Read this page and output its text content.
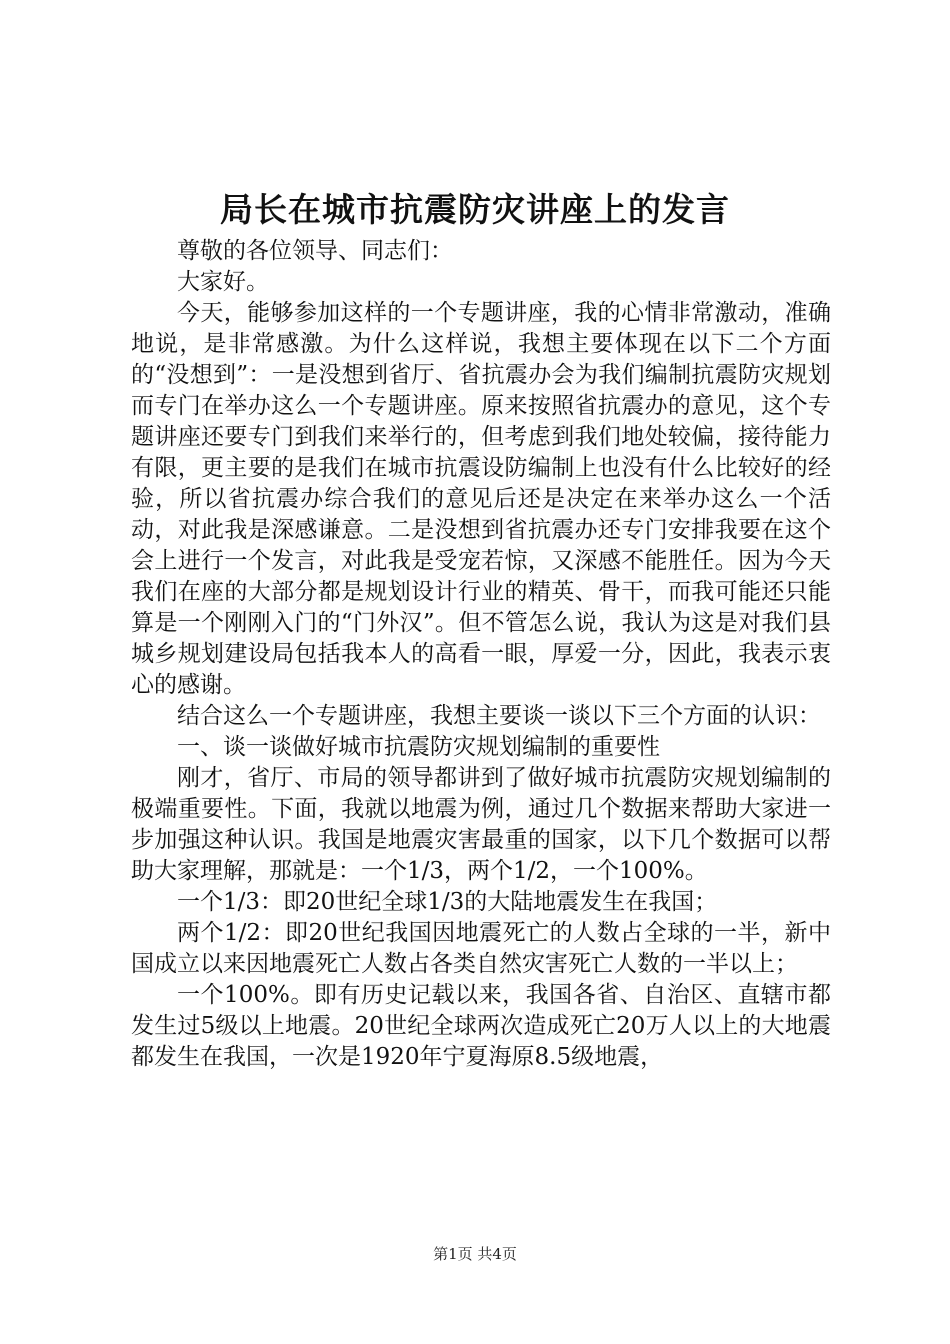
局长在城市抗震防灾讲座上的发言

尊敬的各位领导、同志们：

大家好。

今天，能够参加这样的一个专题讲座，我的心情非常激动，准确地说，是非常感激。为什么这样说，我想主要体现在以下二个方面的“没想到”：一是没想到省厅、省抗震办会为我们编制抗震防灾规划而专门在举办这么一个专题讲座。原来按照省抗震办的意见，这个专题讲座还要专门到我们来举行的，但考虑到我们地处较偏，接待能力有限，更主要的是我们在城市抗震设防编制上也没有什么比较好的经验，所以省抗震办综合我们的意见后还是决定在来举办这么一个活动，对此我是深感谦意。二是没想到省抗震办还专门安排我要在这个会上进行一个发言，对此我是受宠若惊，又深感不能胜任。因为今天我们在座的大部分都是规划设计行业的精英、骨干，而我可能还只能算是一个刚刚入门的“门外汉”。但不管怎么说，我认为这是对我们县城乡规划建设局包括我本人的高看一眼，厚爱一分，因此，我表示衷心的感谢。

结合这么一个专题讲座，我想主要谈一谈以下三个方面的认识：

一、谈一谈做好城市抗震防灾规划编制的重要性

刚才，省厅、市局的领导都讲到了做好城市抗震防灾规划编制的极端重要性。下面，我就以地震为例，通过几个数据来帮助大家进一步加强这种认识。我国是地震灾害最重的国家，以下几个数据可以帮助大家理解，那就是：一个1/3，两个1/2，一个100%。

一个1/3：即20世纪全球1/3的大陆地震发生在我国；

两个1/2：即20世纪我国因地震死亡的人数占全球的一半，新中国成立以来因地震死亡人数占各类自然灾害死亡人数的一半以上；

一个100%。即有历史记载以来，我国各省、自治区、直辖市都发生过5级以上地震。20世纪全球两次造成死亡20万人以上的大地震都发生在我国，一次是1920年宁夏海原8.5级地震，

第1页 共4页
